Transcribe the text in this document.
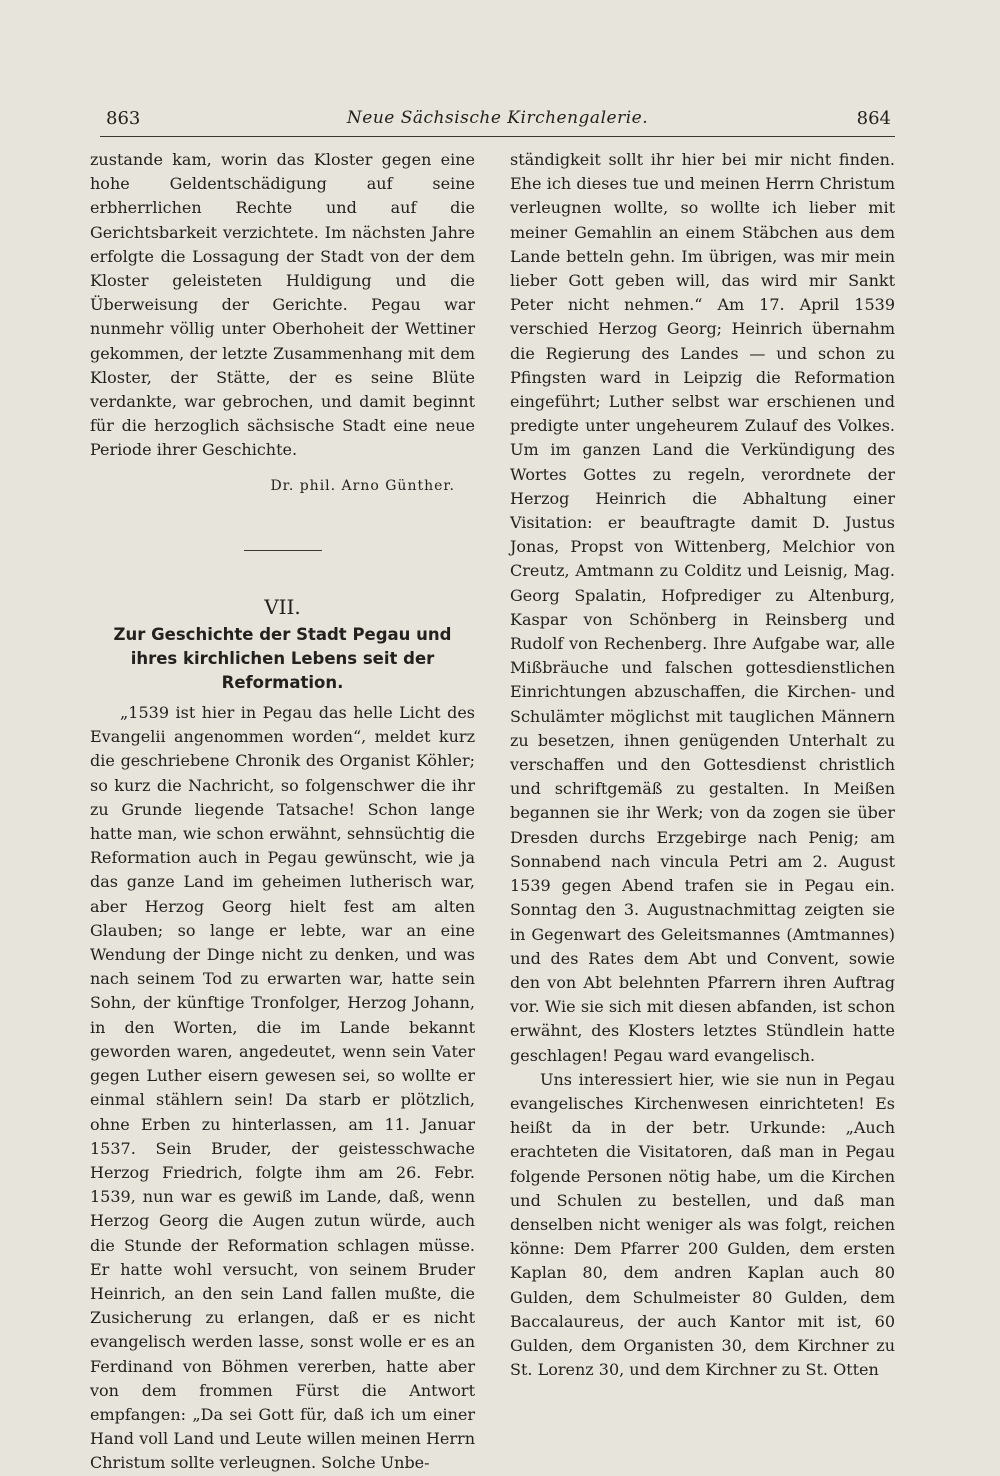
863	Neue Sächsische Kirchengalerie.	864

zustande kam, worin das Kloster gegen eine hohe Geldentschädigung auf seine erbherrlichen Rechte und auf die Gerichtsbarkeit verzichtete. Im nächsten Jahre erfolgte die Lossagung der Stadt von der dem Kloster geleisteten Huldigung und die Überweisung der Gerichte. Pegau war nunmehr völlig unter Oberhoheit der Wettiner gekommen, der letzte Zusammenhang mit dem Kloster, der Stätte, der es seine Blüte verdankte, war gebrochen, und damit beginnt für die herzoglich sächsische Stadt eine neue Periode ihrer Geschichte.

Dr. phil. Arno Günther.

VII.

Zur Geschichte der Stadt Pegau und ihres kirchlichen Lebens seit der Reformation.

„1539 ist hier in Pegau das helle Licht des Evangelii angenommen worden“, meldet kurz die geschriebene Chronik des Organist Köhler; so kurz die Nachricht, so folgenschwer die ihr zu Grunde liegende Tatsache! Schon lange hatte man, wie schon erwähnt, sehnsüchtig die Reformation auch in Pegau gewünscht, wie ja das ganze Land im geheimen lutherisch war, aber Herzog Georg hielt fest am alten Glauben; so lange er lebte, war an eine Wendung der Dinge nicht zu denken, und was nach seinem Tod zu erwarten war, hatte sein Sohn, der künftige Tronfolger, Herzog Johann, in den Worten, die im Lande bekannt geworden waren, angedeutet, wenn sein Vater gegen Luther eisern gewesen sei, so wollte er einmal stählern sein! Da starb er plötzlich, ohne Erben zu hinterlassen, am 11. Januar 1537. Sein Bruder, der geistesschwache Herzog Friedrich, folgte ihm am 26. Febr. 1539, nun war es gewiß im Lande, daß, wenn Herzog Georg die Augen zutun würde, auch die Stunde der Reformation schlagen müsse. Er hatte wohl versucht, von seinem Bruder Heinrich, an den sein Land fallen mußte, die Zusicherung zu erlangen, daß er es nicht evangelisch werden lasse, sonst wolle er es an Ferdinand von Böhmen vererben, hatte aber von dem frommen Fürst die Antwort empfangen: „Da sei Gott für, daß ich um einer Hand voll Land und Leute willen meinen Herrn Christum sollte verleugnen. Solche Unbe-

ständigkeit sollt ihr hier bei mir nicht finden. Ehe ich dieses tue und meinen Herrn Christum verleugnen wollte, so wollte ich lieber mit meiner Gemahlin an einem Stäbchen aus dem Lande betteln gehn. Im übrigen, was mir mein lieber Gott geben will, das wird mir Sankt Peter nicht nehmen.“ Am 17. April 1539 verschied Herzog Georg; Heinrich übernahm die Regierung des Landes — und schon zu Pfingsten ward in Leipzig die Reformation eingeführt; Luther selbst war erschienen und predigte unter ungeheurem Zulauf des Volkes. Um im ganzen Land die Verkündigung des Wortes Gottes zu regeln, verordnete der Herzog Heinrich die Abhaltung einer Visitation: er beauftragte damit D. Justus Jonas, Propst von Wittenberg, Melchior von Creutz, Amtmann zu Colditz und Leisnig, Mag. Georg Spalatin, Hofprediger zu Altenburg, Kaspar von Schönberg in Reinsberg und Rudolf von Rechenberg. Ihre Aufgabe war, alle Mißbräuche und falschen gottesdienstlichen Einrichtungen abzuschaffen, die Kirchen- und Schulämter möglichst mit tauglichen Männern zu besetzen, ihnen genügenden Unterhalt zu verschaffen und den Gottesdienst christlich und schriftgemäß zu gestalten. In Meißen begannen sie ihr Werk; von da zogen sie über Dresden durchs Erzgebirge nach Penig; am Sonnabend nach vincula Petri am 2. August 1539 gegen Abend trafen sie in Pegau ein. Sonntag den 3. Augustnachmittag zeigten sie in Gegenwart des Geleitsmannes (Amtmannes) und des Rates dem Abt und Convent, sowie den von Abt belehnten Pfarrern ihren Auftrag vor. Wie sie sich mit diesen abfanden, ist schon erwähnt, des Klosters letztes Stündlein hatte geschlagen! Pegau ward evangelisch.

Uns interessiert hier, wie sie nun in Pegau evangelisches Kirchenwesen einrichteten! Es heißt da in der betr. Urkunde: „Auch erachteten die Visitatoren, daß man in Pegau folgende Personen nötig habe, um die Kirchen und Schulen zu bestellen, und daß man denselben nicht weniger als was folgt, reichen könne: Dem Pfarrer 200 Gulden, dem ersten Kaplan 80, dem andren Kaplan auch 80 Gulden, dem Schulmeister 80 Gulden, dem Baccalaureus, der auch Kantor mit ist, 60 Gulden, dem Organisten 30, dem Kirchner zu St. Lorenz 30, und dem Kirchner zu St. Otten
